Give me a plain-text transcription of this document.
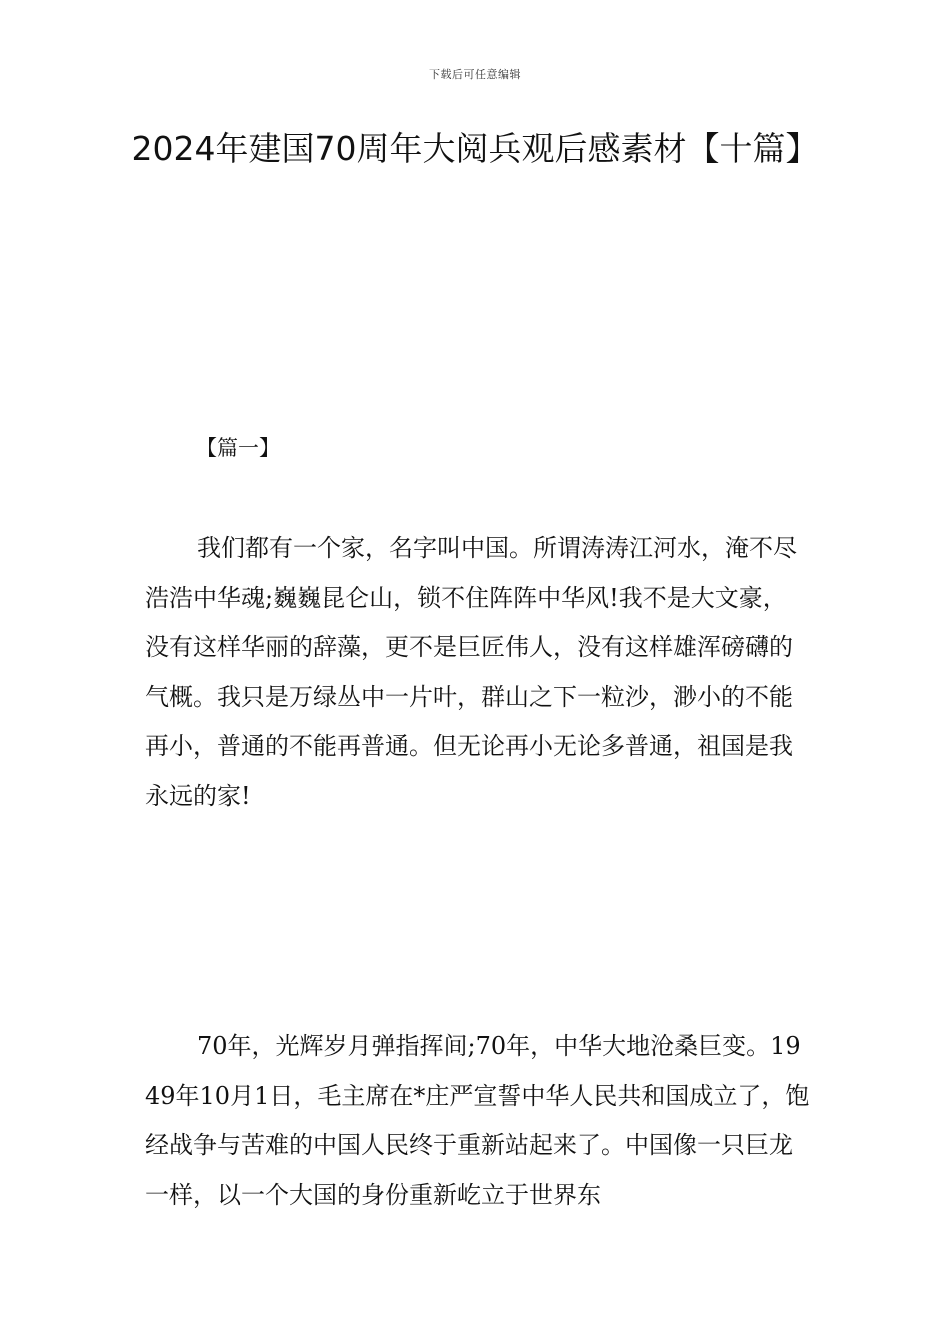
下载后可任意编辑
2024年建国70周年大阅兵观后感素材【十篇】
【篇一】

我们都有一个家，名字叫中国。所谓涛涛江河水，淹不尽浩浩中华魂;巍巍昆仑山，锁不住阵阵中华风!我不是大文豪，没有这样华丽的辞藻，更不是巨匠伟人，没有这样雄浑磅礴的气概。我只是万绿丛中一片叶，群山之下一粒沙，渺小的不能再小，普通的不能再普通。但无论再小无论多普通，祖国是我永远的家!

70年，光辉岁月弹指挥间;70年，中华大地沧桑巨变。1949年10月1日，毛主席在*庄严宣誓中华人民共和国成立了，饱经战争与苦难的中国人民终于重新站起来了。中国像一只巨龙一样，以一个大国的身份重新屹立于世界东
